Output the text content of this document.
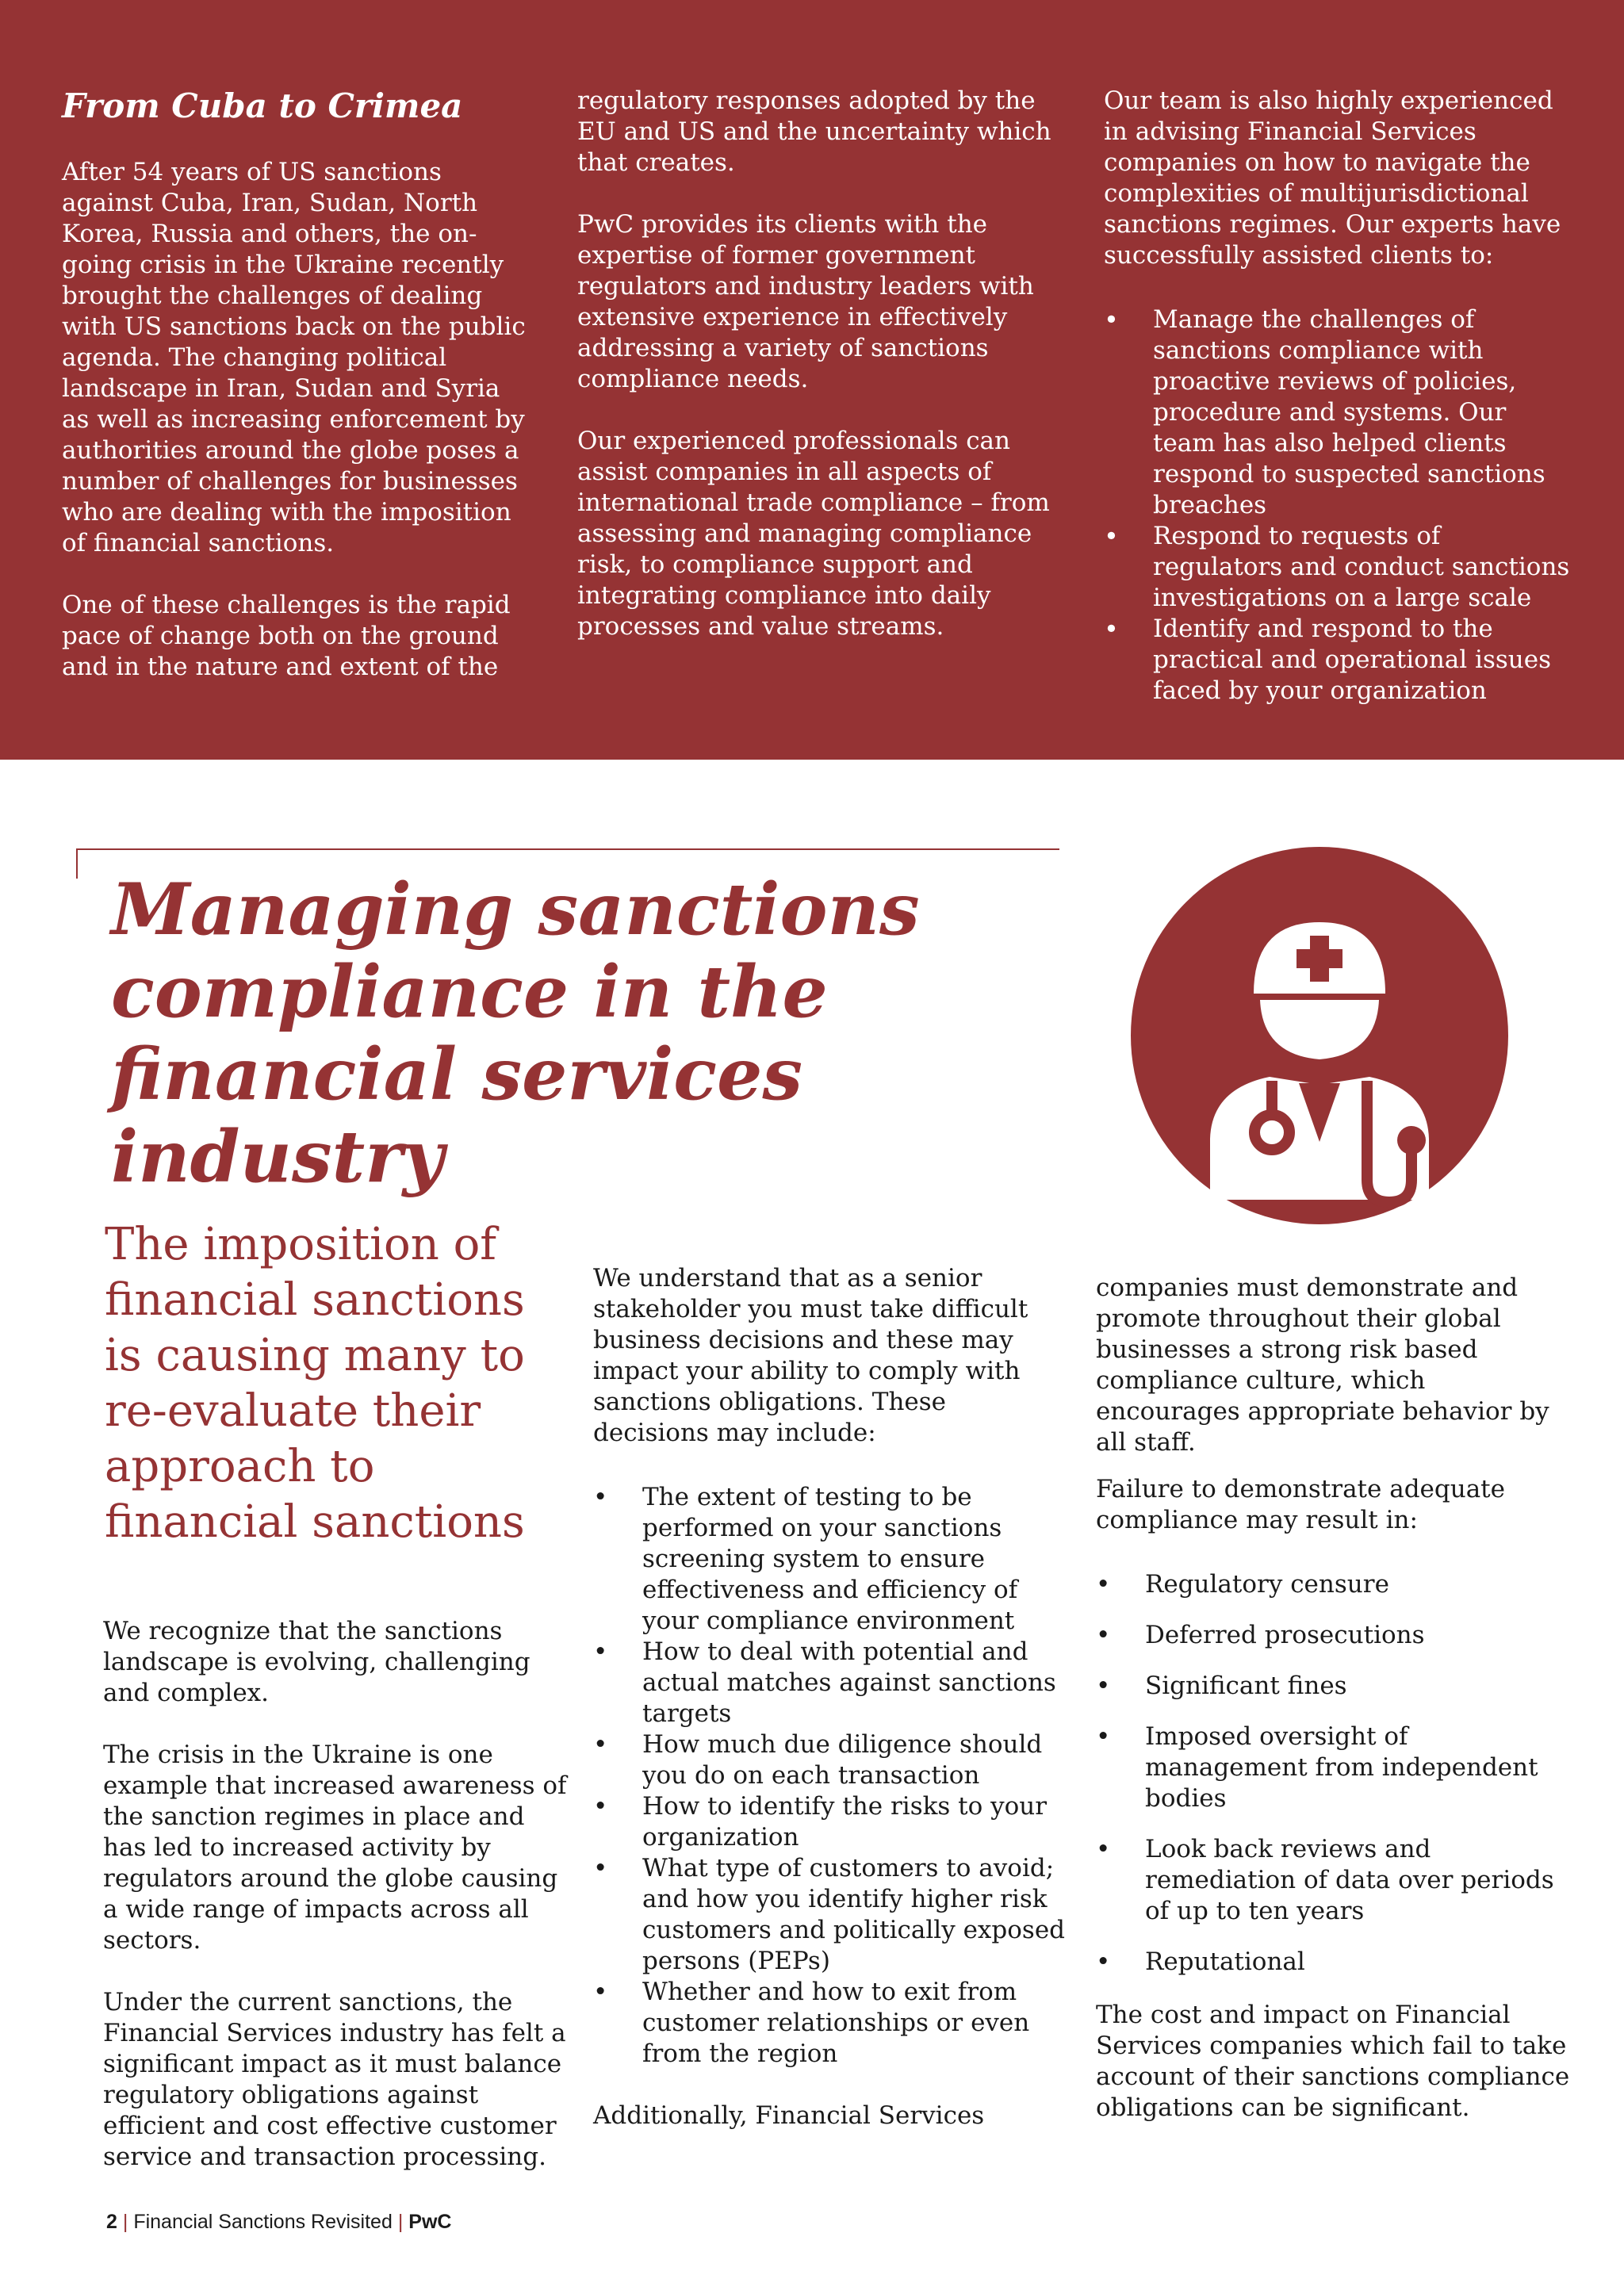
From Cuba to Crimea

After 54 years of US sanctions against Cuba, Iran, Sudan, North Korea, Russia and others, the on-going crisis in the Ukraine recently brought the challenges of dealing with US sanctions back on the public agenda. The changing political landscape in Iran, Sudan and Syria as well as increasing enforcement by authorities around the globe poses a number of challenges for businesses who are dealing with the imposition of financial sanctions.

One of these challenges is the rapid pace of change both on the ground and in the nature and extent of the

regulatory responses adopted by the EU and US and the uncertainty which that creates.

PwC provides its clients with the expertise of former government regulators and industry leaders with extensive experience in effectively addressing a variety of sanctions compliance needs.

Our experienced professionals can assist companies in all aspects of international trade compliance – from assessing and managing compliance risk, to compliance support and integrating compliance into daily processes and value streams.

Our team is also highly experienced in advising Financial Services companies on how to navigate the complexities of multijurisdictional sanctions regimes. Our experts have successfully assisted clients to:

• Manage the challenges of sanctions compliance with proactive reviews of policies, procedure and systems. Our team has also helped clients respond to suspected sanctions breaches
• Respond to requests of regulators and conduct sanctions investigations on a large scale
• Identify and respond to the practical and operational issues faced by your organization
Managing sanctions compliance in the financial services industry
The imposition of financial sanctions is causing many to re-evaluate their approach to financial sanctions

We recognize that the sanctions landscape is evolving, challenging and complex.

The crisis in the Ukraine is one example that increased awareness of the sanction regimes in place and has led to increased activity by regulators around the globe causing a wide range of impacts across all sectors.

Under the current sanctions, the Financial Services industry has felt a significant impact as it must balance regulatory obligations against efficient and cost effective customer service and transaction processing.

We understand that as a senior stakeholder you must take difficult business decisions and these may impact your ability to comply with sanctions obligations. These decisions may include:

• The extent of testing to be performed on your sanctions screening system to ensure effectiveness and efficiency of your compliance environment
• How to deal with potential and actual matches against sanctions targets
• How much due diligence should you do on each transaction
• How to identify the risks to your organization
• What type of customers to avoid; and how you identify higher risk customers and politically exposed persons (PEPs)
• Whether and how to exit from customer relationships or even from the region

Additionally, Financial Services

companies must demonstrate and promote throughout their global businesses a strong risk based compliance culture, which encourages appropriate behavior by all staff.

Failure to demonstrate adequate compliance may result in:

• Regulatory censure
• Deferred prosecutions
• Significant fines
• Imposed oversight of management from independent bodies
• Look back reviews and remediation of data over periods of up to ten years
• Reputational

The cost and impact on Financial Services companies which fail to take account of their sanctions compliance obligations can be significant.

2 | Financial Sanctions Revisited | PwC
